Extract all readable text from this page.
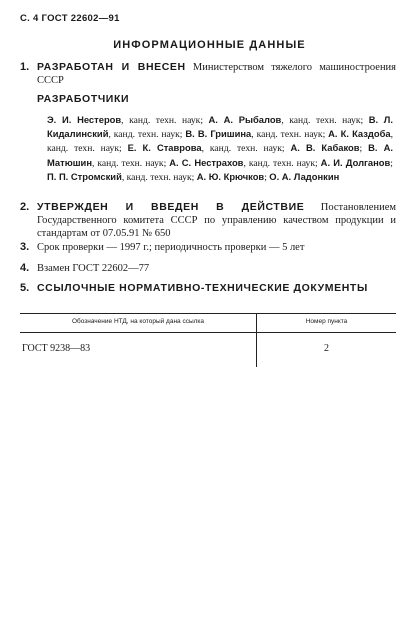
С. 4 ГОСТ 22602—91
ИНФОРМАЦИОННЫЕ ДАННЫЕ
1. РАЗРАБОТАН И ВНЕСЕН Министерством тяжелого машиностроения СССР
РАЗРАБОТЧИКИ
Э. И. Нестеров, канд. техн. наук; А. А. Рыбалов, канд. техн. наук; В. Л. Кидалинский, канд. техн. наук; В. В. Гришина, канд. техн. наук; А. К. Каздоба, канд. техн. наук; Е. К. Ставрова, канд. техн. наук; А. В. Кабаков; В. А. Матюшин, канд. техн. наук; А. С. Нестрахов, канд. техн. наук; А. И. Долганов; П. П. Стромский, канд. техн. наук; А. Ю. Крючков; О. А. Ладонкин
2. УТВЕРЖДЕН И ВВЕДЕН В ДЕЙСТВИЕ Постановлением Государственного комитета СССР по управлению качеством продукции и стандартам от 07.05.91 № 650
3. Срок проверки — 1997 г.; периодичность проверки — 5 лет
4. Взамен ГОСТ 22602—77
5. ССЫЛОЧНЫЕ НОРМАТИВНО-ТЕХНИЧЕСКИЕ ДОКУМЕНТЫ
Обозначение НТД, на который дана ссылка	Номер пункта
ГОСТ 9238—83	2
